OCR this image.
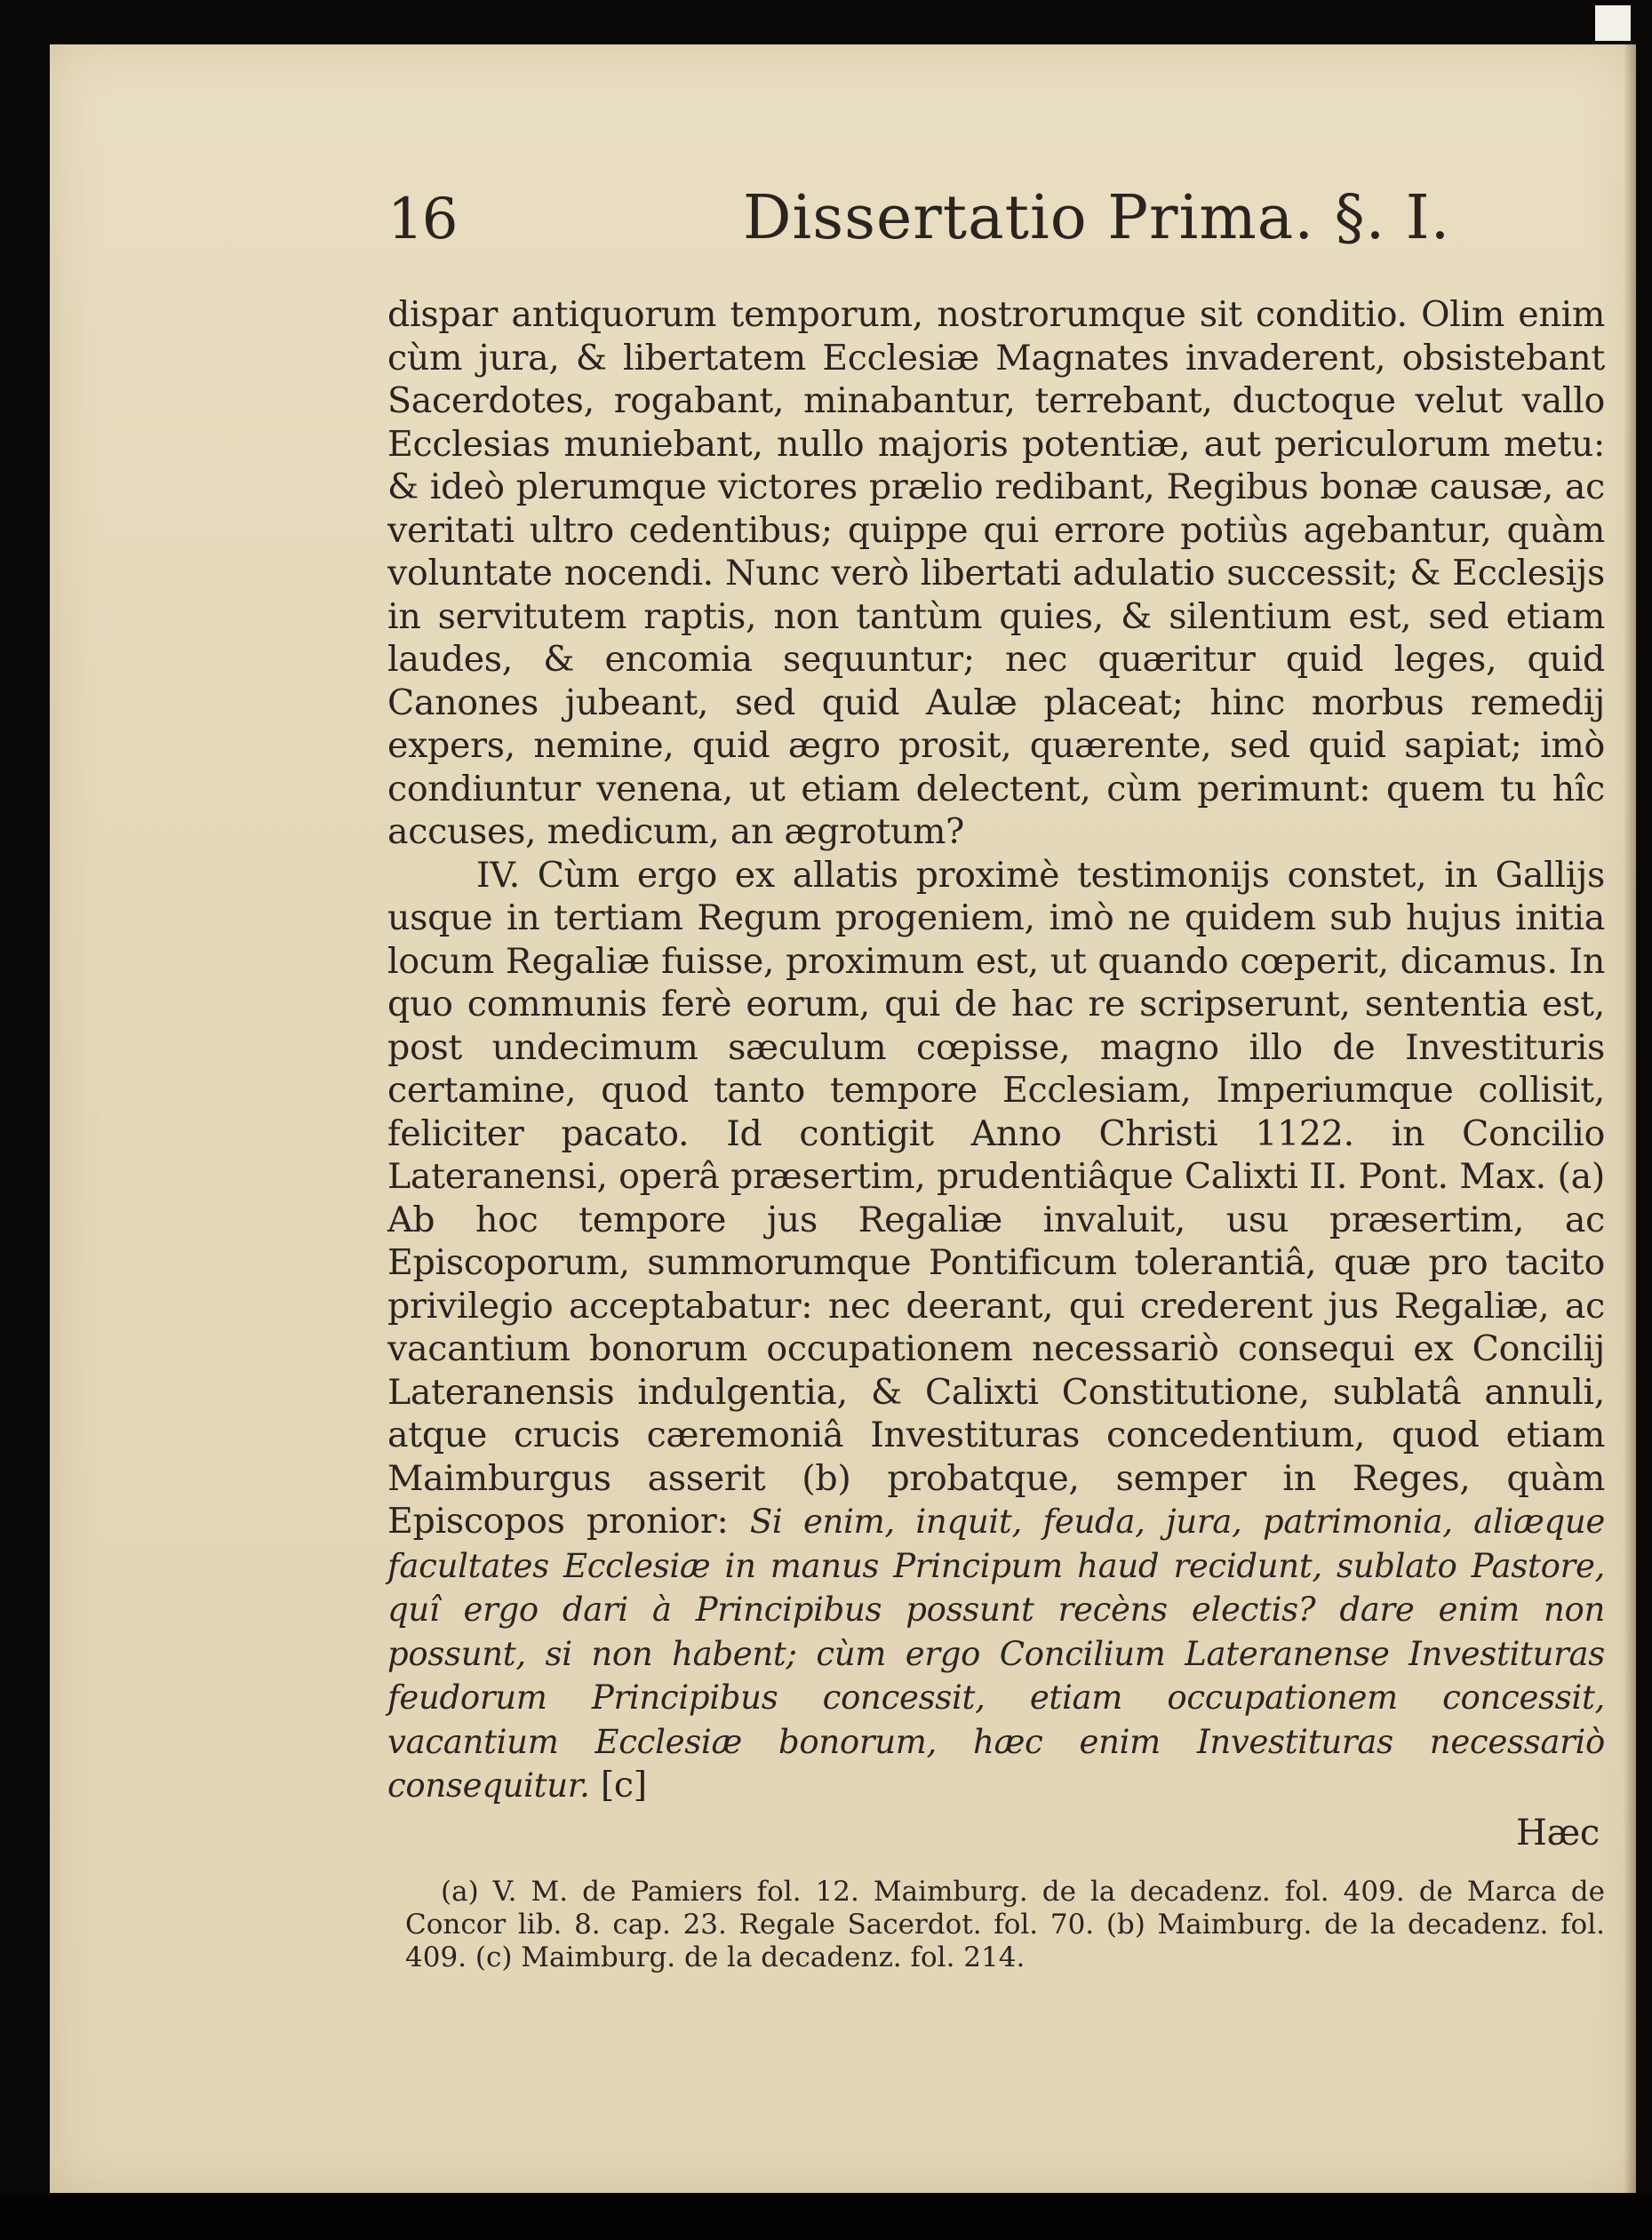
16	Dissertatio Prima. §. I.

dispar antiquorum temporum, nostrorumque sit conditio. Olim enim cùm jura, & libertatem Ecclesiæ Magnates invaderent, obsistebant Sacerdotes, rogabant, minabantur, terrebant, ductoque velut vallo Ecclesias muniebant, nullo majoris potentiæ, aut periculorum metu: & ideò plerumque victores prælio redibant, Regibus bonæ causæ, ac veritati ultro cedentibus; quippe qui errore potiùs agebantur, quàm voluntate nocendi. Nunc verò libertati adulatio successit; & Ecclesijs in servitutem raptis, non tantùm quies, & silentium est, sed etiam laudes, & encomia sequuntur; nec quæritur quid leges, quid Canones jubeant, sed quid Aulæ placeat; hinc morbus remedij expers, nemine, quid ægro prosit, quærente, sed quid sapiat; imò condiuntur venena, ut etiam delectent, cùm perimunt: quem tu hîc accuses, medicum, an ægrotum?

IV. Cùm ergo ex allatis proximè testimonijs constet, in Gallijs usque in tertiam Regum progeniem, imò ne quidem sub hujus initia locum Regaliæ fuisse, proximum est, ut quando cœperit, dicamus. In quo communis ferè eorum, qui de hac re scripserunt, sententia est, post undecimum sæculum cœpisse, magno illo de Investituris certamine, quod tanto tempore Ecclesiam, Imperiumque collisit, feliciter pacato. Id contigit Anno Christi 1122. in Concilio Lateranensi, operâ præsertim, prudentiâque Calixti II. Pont. Max. (a) Ab hoc tempore jus Regaliæ invaluit, usu præsertim, ac Episcoporum, summorumque Pontificum tolerantiâ, quæ pro tacito privilegio acceptabatur: nec deerant, qui crederent jus Regaliæ, ac vacantium bonorum occupationem necessariò consequi ex Concilij Lateranensis indulgentia, & Calixti Constitutione, sublatâ annuli, atque crucis cæremoniâ Investituras concedentium, quod etiam Maimburgus asserit (b) probatque, semper in Reges, quàm Episcopos pronior: Si enim, inquit, feuda, jura, patrimonia, aliæque facultates Ecclesiæ in manus Principum haud recidunt, sublato Pastore, quî ergo dari à Principibus possunt recèns electis? dare enim non possunt, si non habent; cùm ergo Concilium Lateranense Investituras feudorum Principibus concessit, etiam occupationem concessit, vacantium Ecclesiæ bonorum, hæc enim Investituras necessariò consequitur. [c]

Hæc

(a) V. M. de Pamiers fol. 12. Maimburg. de la decadenz. fol. 409. de Marca de Concor lib. 8. cap. 23. Regale Sacerdot. fol. 70. (b) Maimburg. de la decadenz. fol. 409. (c) Maimburg. de la decadenz. fol. 214.
